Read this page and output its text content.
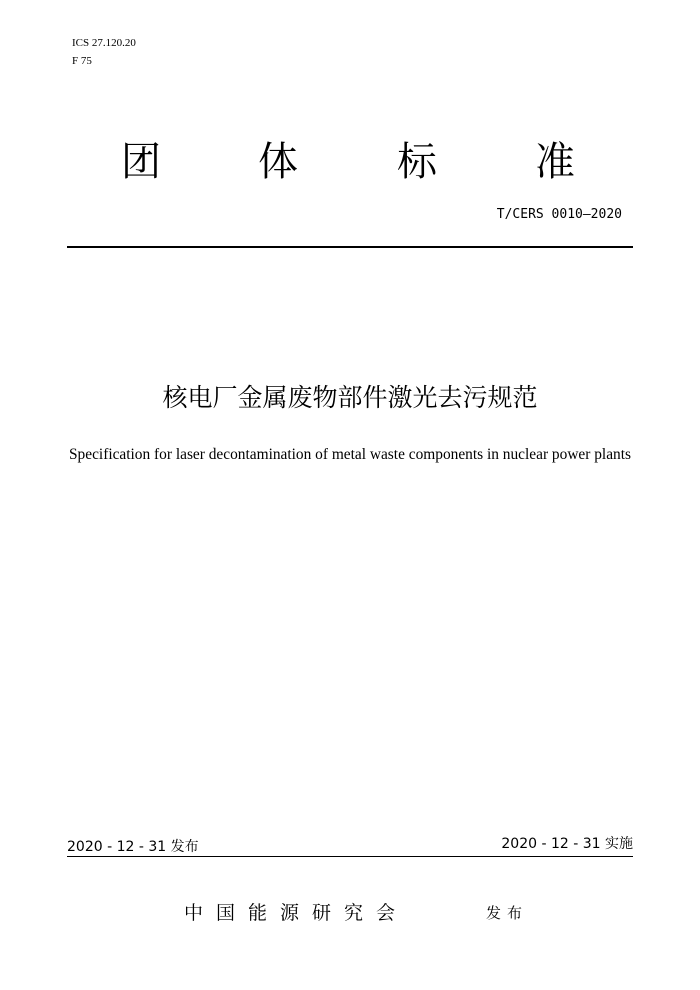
ICS 27.120.20
F 75
团 体 标 准
T/CERS 0010—2020
核电厂金属废物部件激光去污规范
Specification for laser decontamination of metal waste components in nuclear power plants
2020 - 12 - 31 发布	2020 - 12 - 31 实施
中国能源研究会	发布
